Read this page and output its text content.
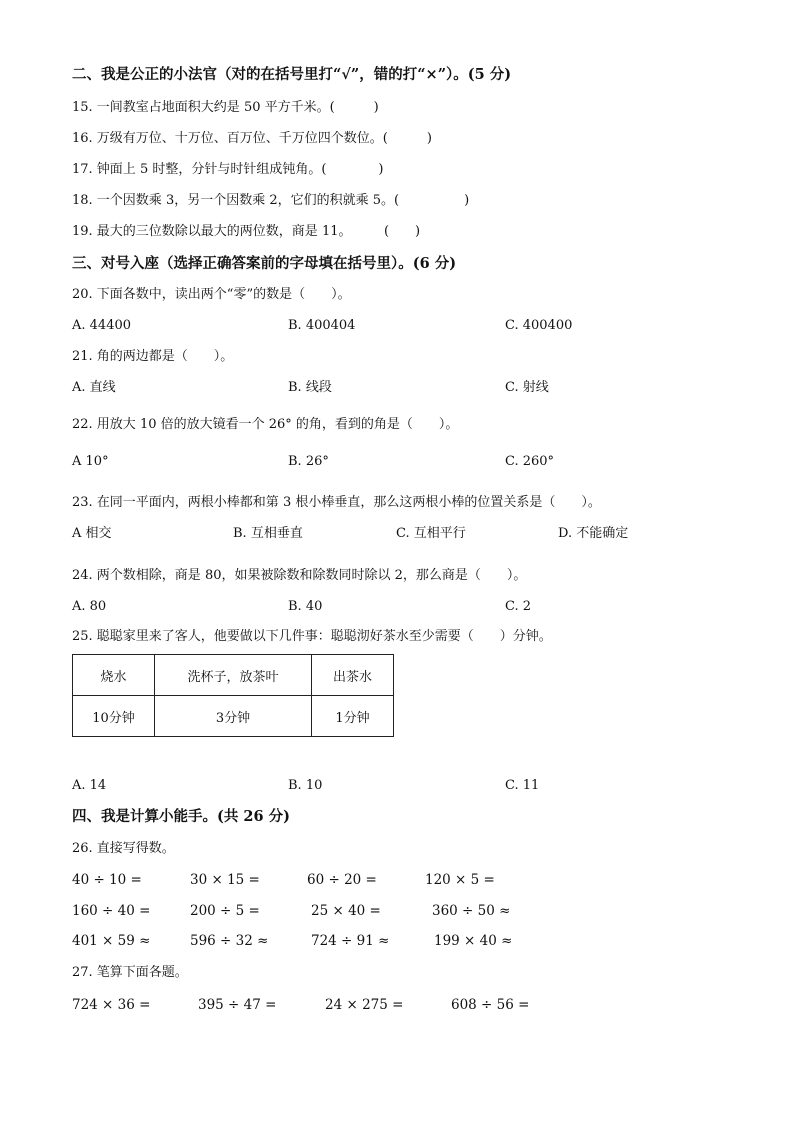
二、我是公正的小法官（对的在括号里打“√”，错的打“×”）。(5 分)
15. 一间教室占地面积大约是 50 平方千米。(　　　)
16. 万级有万位、十万位、百万位、千万位四个数位。(　　　)
17. 钟面上 5 时整，分针与时针组成钝角。(　　　　)
18. 一个因数乘 3，另一个因数乘 2，它们的积就乘 5。(　　　　　)
19. 最大的三位数除以最大的两位数，商是 11。　　　(　　)
三、对号入座（选择正确答案前的字母填在括号里）。(6 分)
20. 下面各数中，读出两个“零”的数是（　　）。
A. 44400	B. 400404	C. 400400
21. 角的两边都是（　　）。
A. 直线	B. 线段	C. 射线
22. 用放大 10 倍的放大镜看一个 26° 的角，看到的角是（　　）。
A 10°	B. 26°	C. 260°
23. 在同一平面内，两根小棒都和第 3 根小棒垂直，那么这两根小棒的位置关系是（　　）。
A 相交	B. 互相垂直	C. 互相平行	D. 不能确定
24. 两个数相除，商是 80，如果被除数和除数同时除以 2，那么商是（　　）。
A. 80	B. 40	C. 2
25. 聪聪家里来了客人，他要做以下几件事：聪聪沏好茶水至少需要（　　）分钟。
烧水	洗杯子，放茶叶	出茶水
10分钟	3分钟	1分钟
A. 14	B. 10	C. 11
四、我是计算小能手。(共 26 分)
26. 直接写得数。
40 ÷ 10 =	30 × 15 =	60 ÷ 20 =	120 × 5 =
160 ÷ 40 =	200 ÷ 5 =	25 × 40 =	360 ÷ 50 ≈
401 × 59 ≈	596 ÷ 32 ≈	724 ÷ 91 ≈	199 × 40 ≈
27. 笔算下面各题。
724 × 36 =	395 ÷ 47 =	24 × 275 =	608 ÷ 56 =
